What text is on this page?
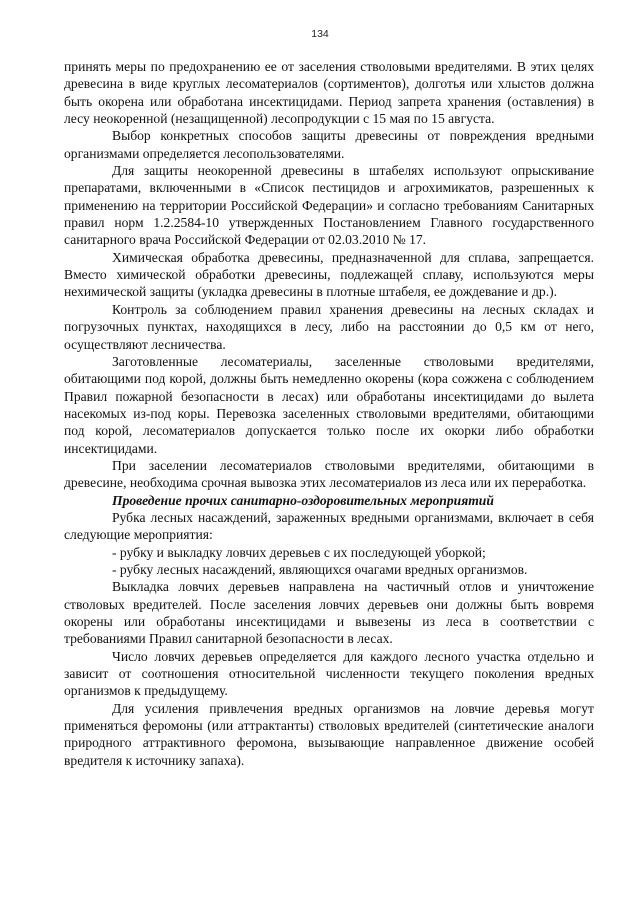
134

принять меры по предохранению ее от заселения стволовыми вредителями. В этих целях древесина в виде круглых лесоматериалов (сортиментов), долготья или хлыстов должна быть окорена или обработана инсектицидами. Период запрета хранения (оставления) в лесу неокоренной (незащищенной) лесопродукции с 15 мая по 15 августа.

Выбор конкретных способов защиты древесины от повреждения вредными организмами определяется лесопользователями.

Для защиты неокоренной древесины в штабелях используют опрыскивание препаратами, включенными в «Список пестицидов и агрохимикатов, разрешенных к применению на территории Российской Федерации» и согласно требованиям Санитарных правил норм 1.2.2584-10 утвержденных Постановлением Главного государственного санитарного врача Российской Федерации от 02.03.2010 № 17.

Химическая обработка древесины, предназначенной для сплава, запрещается. Вместо химической обработки древесины, подлежащей сплаву, используются меры нехимической защиты (укладка древесины в плотные штабеля, ее дождевание и др.).

Контроль за соблюдением правил хранения древесины на лесных складах и погрузочных пунктах, находящихся в лесу, либо на расстоянии до 0,5 км от него, осуществляют лесничества.

Заготовленные лесоматериалы, заселенные стволовыми вредителями, обитающими под корой, должны быть немедленно окорены (кора сожжена с соблюдением Правил пожарной безопасности в лесах) или обработаны инсектицидами до вылета насекомых из-под коры. Перевозка заселенных стволовыми вредителями, обитающими под корой, лесоматериалов допускается только после их окорки либо обработки инсектицидами.

При заселении лесоматериалов стволовыми вредителями, обитающими в древесине, необходима срочная вывозка этих лесоматериалов из леса или их переработка.

Проведение прочих санитарно-оздоровительных мероприятий

Рубка лесных насаждений, зараженных вредными организмами, включает в себя следующие мероприятия:

- рубку и выкладку ловчих деревьев с их последующей уборкой;

- рубку лесных насаждений, являющихся очагами вредных организмов.

Выкладка ловчих деревьев направлена на частичный отлов и уничтожение стволовых вредителей. После заселения ловчих деревьев они должны быть вовремя окорены или обработаны инсектицидами и вывезены из леса в соответствии с требованиями Правил санитарной безопасности в лесах.

Число ловчих деревьев определяется для каждого лесного участка отдельно и зависит от соотношения относительной численности текущего поколения вредных организмов к предыдущему.

Для усиления привлечения вредных организмов на ловчие деревья могут применяться феромоны (или аттрактанты) стволовых вредителей (синтетические аналоги природного аттрактивного феромона, вызывающие направленное движение особей вредителя к источнику запаха).
